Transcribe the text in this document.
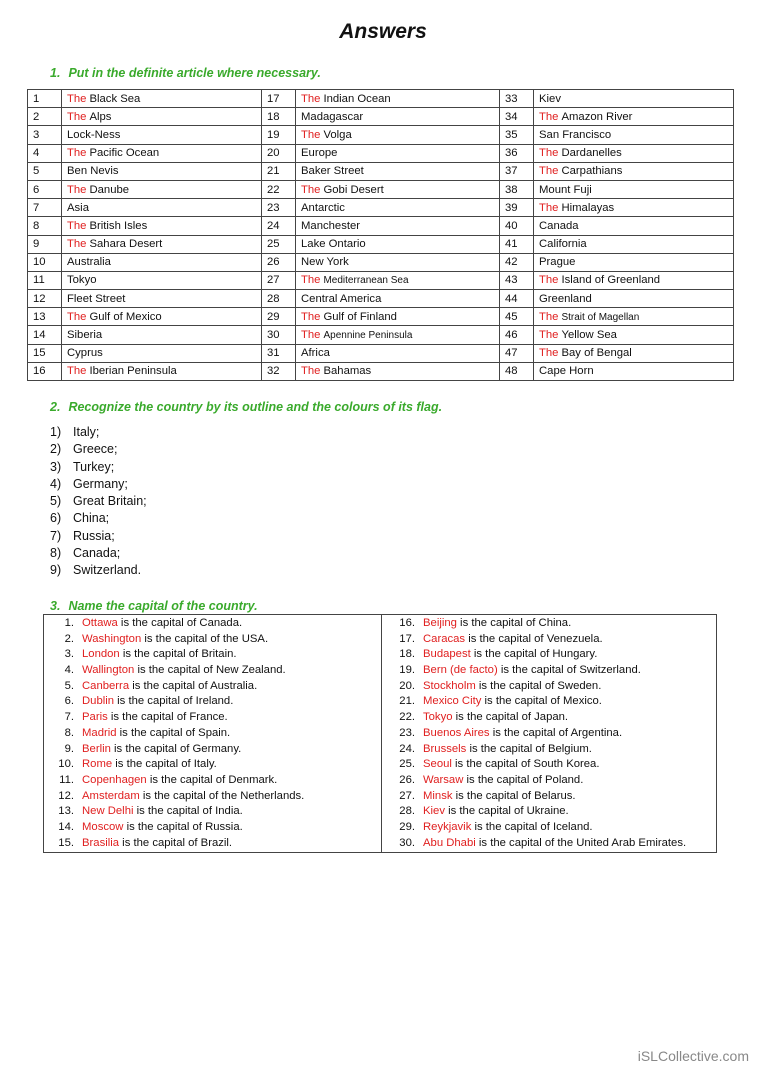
Answers
1. Put in the definite article where necessary.
1	The Black Sea	17	The Indian Ocean	33	Kiev
2	The Alps	18	Madagascar	34	The Amazon River
3	Lock-Ness	19	The Volga	35	San Francisco
4	The Pacific Ocean	20	Europe	36	The Dardanelles
5	Ben Nevis	21	Baker Street	37	The Carpathians
6	The Danube	22	The Gobi Desert	38	Mount Fuji
7	Asia	23	Antarctic	39	The Himalayas
8	The British Isles	24	Manchester	40	Canada
9	The Sahara Desert	25	Lake Ontario	41	California
10	Australia	26	New York	42	Prague
11	Tokyo	27	The Mediterranean Sea	43	The Island of Greenland
12	Fleet Street	28	Central America	44	Greenland
13	The Gulf of Mexico	29	The Gulf of Finland	45	The Strait of Magellan
14	Siberia	30	The Apennine Peninsula	46	The Yellow Sea
15	Cyprus	31	Africa	47	The Bay of Bengal
16	The Iberian Peninsula	32	The Bahamas	48	Cape Horn
2. Recognize the country by its outline and the colours of its flag.
1) Italy;
2) Greece;
3) Turkey;
4) Germany;
5) Great Britain;
6) China;
7) Russia;
8) Canada;
9) Switzerland.
3. Name the capital of the country.
1. Ottawa is the capital of Canada.
2. Washington is the capital of the USA.
3. London is the capital of Britain.
4. Wallington is the capital of New Zealand.
5. Canberra is the capital of Australia.
6. Dublin is the capital of Ireland.
7. Paris is the capital of France.
8. Madrid is the capital of Spain.
9. Berlin is the capital of Germany.
10. Rome is the capital of Italy.
11. Copenhagen is the capital of Denmark.
12. Amsterdam is the capital of the Netherlands.
13. New Delhi is the capital of India.
14. Moscow is the capital of Russia.
15. Brasilia is the capital of Brazil.
16. Beijing is the capital of China.
17. Caracas is the capital of Venezuela.
18. Budapest is the capital of Hungary.
19. Bern (de facto) is the capital of Switzerland.
20. Stockholm is the capital of Sweden.
21. Mexico City is the capital of Mexico.
22. Tokyo is the capital of Japan.
23. Buenos Aires is the capital of Argentina.
24. Brussels is the capital of Belgium.
25. Seoul is the capital of South Korea.
26. Warsaw is the capital of Poland.
27. Minsk is the capital of Belarus.
28. Kiev is the capital of Ukraine.
29. Reykjavik is the capital of Iceland.
30. Abu Dhabi is the capital of the United Arab Emirates.
iSLCollective.com
